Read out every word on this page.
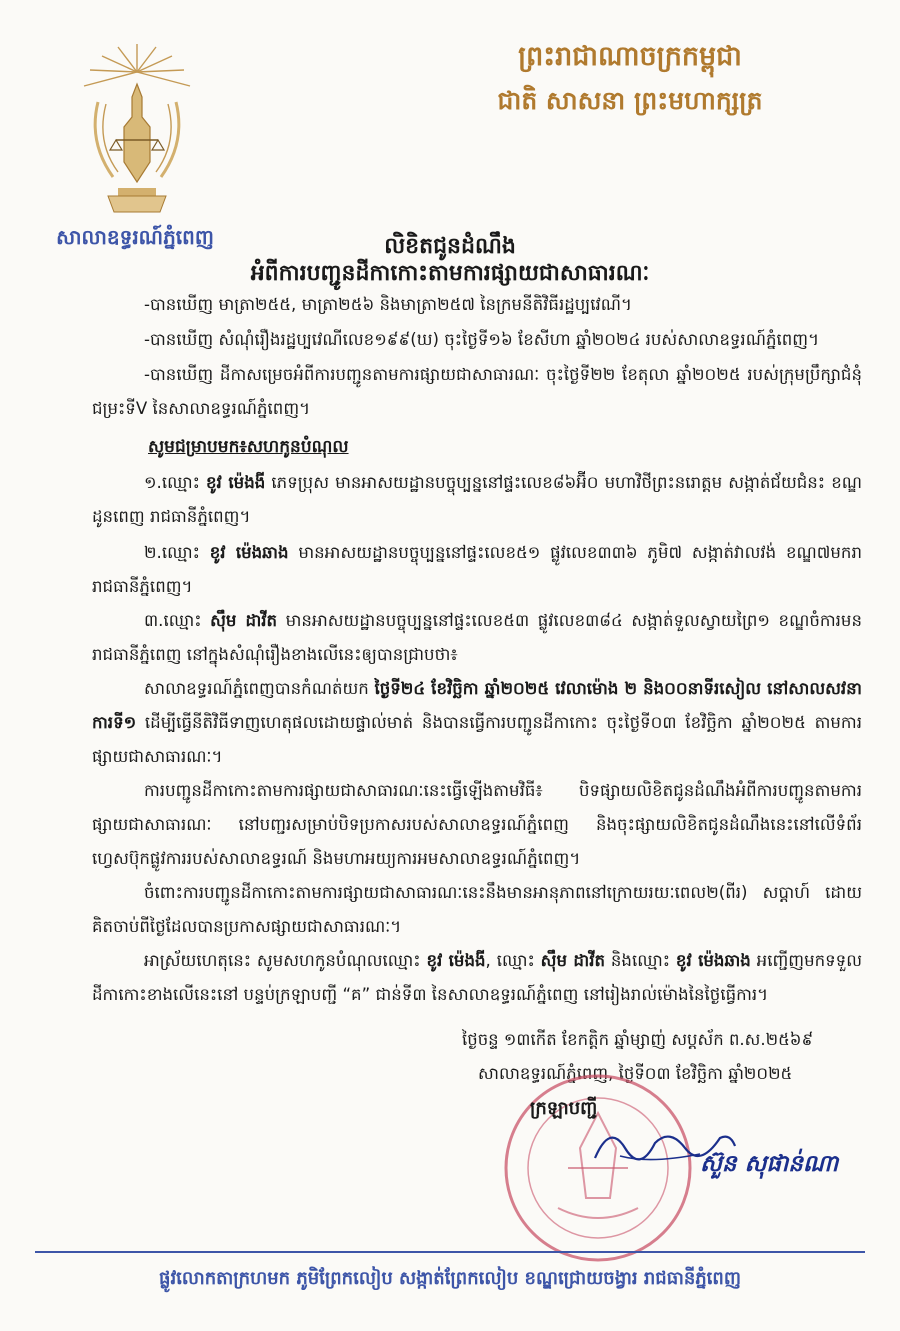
ព្រះរាជាណាចក្រកម្ពុជា
ជាតិ សាសនា ព្រះមហាក្សត្រ
សាលាឧទ្ធរណ៍ភ្នំពេញ	លិខិតជូនដំណឹង
អំពីការបញ្ជូនដីកាកោះតាមការផ្សាយជាសាធារណៈ
-បានឃើញ មាត្រា២៥៥, មាត្រា២៥៦ និងមាត្រា២៥៧ នៃក្រមនីតិវិធីរដ្ឋប្បវេណី។
-បានឃើញ សំណុំរឿងរដ្ឋប្បវេណីលេខ១៩៩(ឃ) ចុះថ្ងៃទី១៦ ខែសីហា ឆ្នាំ២០២៤ របស់សាលាឧទ្ធរណ៍ភ្នំពេញ។
-បានឃើញ ដីកាសម្រេចអំពីការបញ្ជូនតាមការផ្សាយជាសាធារណៈ ចុះថ្ងៃទី២២ ខែតុលា ឆ្នាំ២០២៥ របស់ក្រុមប្រឹក្សាជំនុំជម្រះទីV នៃសាលាឧទ្ធរណ៍ភ្នំពេញ។
សូមជម្រាបមក៖សហកូនបំណុល
១.ឈ្មោះ ខូវ ម៉េងងី ភេទប្រុស មានអាសយដ្ឋានបច្ចុប្បន្ននៅផ្ទះលេខ៨៦អ៊ី០ មហាវិថីព្រះនរោត្តម សង្កាត់ជ័យជំនះ ខណ្ឌដូនពេញ រាជធានីភ្នំពេញ។
២.ឈ្មោះ ខូវ ម៉េងឆាង មានអាសយដ្ឋានបច្ចុប្បន្ននៅផ្ទះលេខ៥១ ផ្លូវលេខ៣៣៦ ភូមិ៧ សង្កាត់វាលវង់ ខណ្ឌ៧មករា រាជធានីភ្នំពេញ។
៣.ឈ្មោះ ស៊ឹម ដាវីត មានអាសយដ្ឋានបច្ចុប្បន្ននៅផ្ទះលេខ៥៣ ផ្លូវលេខ៣៨៤ សង្កាត់ទួលស្វាយព្រៃ១ ខណ្ឌចំការមន រាជធានីភ្នំពេញ នៅក្នុងសំណុំរឿងខាងលើនេះឲ្យបានជ្រាបថា៖
សាលាឧទ្ធរណ៍ភ្នំពេញបានកំណត់យក ថ្ងៃទី២៤ ខែវិច្ឆិកា ឆ្នាំ២០២៥ វេលាម៉ោង ២ និង០០នាទីរសៀល នៅសាលសវនាការទី១ ដើម្បីធ្វើនីតិវិធីទាញហេតុផលដោយផ្ទាល់មាត់ និងបានធ្វើការបញ្ជូនដីកាកោះ ចុះថ្ងៃទី០៣ ខែវិច្ឆិកា ឆ្នាំ២០២៥ តាមការផ្សាយជាសាធារណៈ។
ការបញ្ជូនដីកាកោះតាមការផ្សាយជាសាធារណៈនេះធ្វើឡើងតាមវិធី៖ បិទផ្សាយលិខិតជូនដំណឹងអំពីការបញ្ជូនតាមការផ្សាយជាសាធារណៈ នៅបញ្ជរសម្រាប់បិទប្រកាសរបស់សាលាឧទ្ធរណ៍ភ្នំពេញ និងចុះផ្សាយលិខិតជូនដំណឹងនេះនៅលើទំព័រហ្វេសប៊ុកផ្លូវការរបស់សាលាឧទ្ធរណ៍ និងមហាអយ្យការអមសាលាឧទ្ធរណ៍ភ្នំពេញ។
ចំពោះការបញ្ជូនដីកាកោះតាមការផ្សាយជាសាធារណៈនេះនឹងមានអានុភាពនៅក្រោយរយៈពេល២(ពីរ) សប្តាហ៍ ដោយគិតចាប់ពីថ្ងៃដែលបានប្រកាសផ្សាយជាសាធារណៈ។
អាស្រ័យហេតុនេះ សូមសហកូនបំណុលឈ្មោះ ខូវ ម៉េងងី, ឈ្មោះ ស៊ឹម ដាវីត និងឈ្មោះ ខូវ ម៉េងឆាង អញ្ជើញមកទទួលដីកាកោះខាងលើនេះនៅ បន្ទប់ក្រឡាបញ្ជី “គ” ជាន់ទី៣ នៃសាលាឧទ្ធរណ៍ភ្នំពេញ នៅរៀងរាល់ម៉ោងនៃថ្ងៃធ្វើការ។
ថ្ងៃចន្ទ ១៣កើត ខែកត្តិក ឆ្នាំម្សាញ់ សប្តស័ក ព.ស.២៥៦៩
សាលាឧទ្ធរណ៍ភ្នំពេញ, ថ្ងៃទី០៣ ខែវិច្ឆិកា ឆ្នាំ២០២៥
ក្រឡាបញ្ជី
ស៊ួន សុផាន់ណា
ផ្លូវលោកតាក្រហមក ភូមិព្រែកលៀប សង្កាត់ព្រែកលៀប ខណ្ឌជ្រោយចង្វារ រាជធានីភ្នំពេញ
